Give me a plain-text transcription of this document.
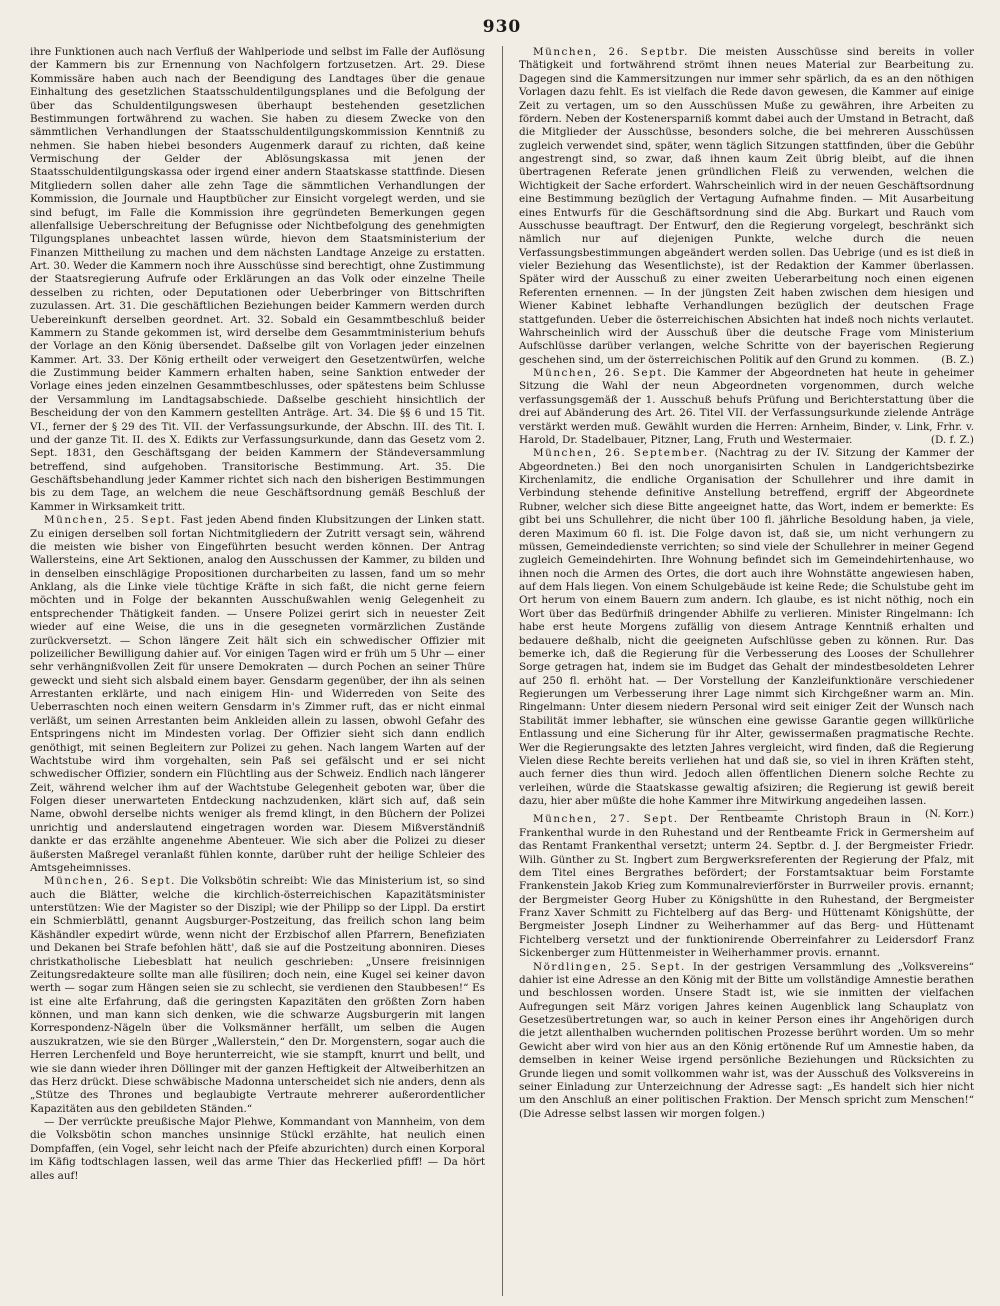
930

ihre Funktionen auch nach Verfluß der Wahlperiode und selbst im Falle der Auflösung der Kammern bis zur Ernennung von Nachfolgern fortzusetzen. Art. 29. Diese Kommissäre haben auch nach der Beendigung des Landtages über die genaue Einhaltung des gesetzlichen Staatsschuldentilgungsplanes und die Befolgung der über das Schuldentilgungswesen überhaupt bestehenden gesetzlichen Bestimmungen fortwährend zu wachen. Sie haben zu diesem Zwecke von den sämmtlichen Verhandlungen der Staatsschuldentilgungskommission Kenntniß zu nehmen. Sie haben hiebei besonders Augenmerk darauf zu richten, daß keine Vermischung der Gelder der Ablösungskassa mit jenen der Staatsschuldentilgungskassa oder irgend einer andern Staatskasse stattfinde. Diesen Mitgliedern sollen daher alle zehn Tage die sämmtlichen Verhandlungen der Kommission, die Journale und Hauptbücher zur Einsicht vorgelegt werden, und sie sind befugt, im Falle die Kommission ihre gegründeten Bemerkungen gegen allenfallsige Ueberschreitung der Befugnisse oder Nichtbefolgung des genehmigten Tilgungsplanes unbeachtet lassen würde, hievon dem Staatsministerium der Finanzen Mittheilung zu machen und dem nächsten Landtage Anzeige zu erstatten. Art. 30. Weder die Kammern noch ihre Ausschüsse sind berechtigt, ohne Zustimmung der Staatsregierung Aufrufe oder Erklärungen an das Volk oder einzelne Theile desselben zu richten, oder Deputationen oder Ueberbringer von Bittschriften zuzulassen. Art. 31. Die geschäftlichen Beziehungen beider Kammern werden durch Uebereinkunft derselben geordnet. Art. 32. Sobald ein Gesammtbeschluß beider Kammern zu Stande gekommen ist, wird derselbe dem Gesammtministerium behufs der Vorlage an den König übersendet. Daßselbe gilt von Vorlagen jeder einzelnen Kammer. Art. 33. Der König ertheilt oder verweigert den Gesetzentwürfen, welche die Zustimmung beider Kammern erhalten haben, seine Sanktion entweder der Vorlage eines jeden einzelnen Gesammtbeschlusses, oder spätestens beim Schlusse der Versammlung im Landtagsabschiede. Daßselbe geschieht hinsichtlich der Bescheidung der von den Kammern gestellten Anträge. Art. 34. Die §§ 6 und 15 Tit. VI., ferner der § 29 des Tit. VII. der Verfassungsurkunde, der Abschn. III. des Tit. I. und der ganze Tit. II. des X. Edikts zur Verfassungsurkunde, dann das Gesetz vom 2. Sept. 1831, den Geschäftsgang der beiden Kammern der Ständeversammlung betreffend, sind aufgehoben. Transitorische Bestimmung. Art. 35. Die Geschäftsbehandlung jeder Kammer richtet sich nach den bisherigen Bestimmungen bis zu dem Tage, an welchem die neue Geschäftsordnung gemäß Beschluß der Kammer in Wirksamkeit tritt.

München, 25. Sept. Fast jeden Abend finden Klubsitzungen der Linken statt. Zu einigen derselben soll fortan Nichtmitgliedern der Zutritt versagt sein, während die meisten wie bisher von Eingeführten besucht werden können. Der Antrag Wallersteins, eine Art Sektionen, analog den Ausschussen der Kammer, zu bilden und in denselben einschlägige Propositionen durcharbeiten zu lassen, fand um so mehr Anklang, als die Linke viele tüchtige Kräfte in sich faßt, die nicht gerne feiern möchten und in Folge der bekannten Ausschußwahlen wenig Gelegenheit zu entsprechender Thätigkeit fanden. — Unsere Polizei gerirt sich in neuester Zeit wieder auf eine Weise, die uns in die gesegneten vormärzlichen Zustände zurückversetzt. — Schon längere Zeit hält sich ein schwedischer Offizier mit polizeilicher Bewilligung dahier auf. Vor einigen Tagen wird er früh um 5 Uhr — einer sehr verhängnißvollen Zeit für unsere Demokraten — durch Pochen an seiner Thüre geweckt und sieht sich alsbald einem bayer. Gensdarm gegenüber, der ihn als seinen Arrestanten erklärte, und nach einigem Hin- und Widerreden von Seite des Ueberraschten noch einen weitern Gensdarm in's Zimmer ruft, das er nicht einmal verläßt, um seinen Arrestanten beim Ankleiden allein zu lassen, obwohl Gefahr des Entspringens nicht im Mindesten vorlag. Der Offizier sieht sich dann endlich genöthigt, mit seinen Begleitern zur Polizei zu gehen. Nach langem Warten auf der Wachtstube wird ihm vorgehalten, sein Paß sei gefälscht und er sei nicht schwedischer Offizier, sondern ein Flüchtling aus der Schweiz. Endlich nach längerer Zeit, während welcher ihm auf der Wachtstube Gelegenheit geboten war, über die Folgen dieser unerwarteten Entdeckung nachzudenken, klärt sich auf, daß sein Name, obwohl derselbe nichts weniger als fremd klingt, in den Büchern der Polizei unrichtig und anderslautend eingetragen worden war. Diesem Mißverständniß dankte er das erzählte angenehme Abenteuer. Wie sich aber die Polizei zu dieser äußersten Maßregel veranlaßt fühlen konnte, darüber ruht der heilige Schleier des Amtsgeheimnisses.

München, 26. Sept. Die Volksbötin schreibt: Wie das Ministerium ist, so sind auch die Blätter, welche die kirchlich-österreichischen Kapazitätsminister unterstützen: Wie der Magister so der Diszipl; wie der Philipp so der Lippl. Da erstirt ein Schmierblättl, genannt Augsburger-Postzeitung, das freilich schon lang beim Käshändler expedirt würde, wenn nicht der Erzbischof allen Pfarrern, Benefiziaten und Dekanen bei Strafe befohlen hätt', daß sie auf die Postzeitung abonniren. Dieses christkatholische Liebesblatt hat neulich geschrieben: „Unsere freisinnigen Zeitungsredakteure sollte man alle füsiliren; doch nein, eine Kugel sei keiner davon werth — sogar zum Hängen seien sie zu schlecht, sie verdienen den Staubbesen!“ Es ist eine alte Erfahrung, daß die geringsten Kapazitäten den größten Zorn haben können, und man kann sich denken, wie die schwarze Augsburgerin mit langen Korrespondenz-Nägeln über die Volksmänner herfällt, um selben die Augen auszukratzen, wie sie den Bürger „Wallerstein,“ den Dr. Morgenstern, sogar auch die Herren Lerchenfeld und Boye herunterreicht, wie sie stampft, knurrt und bellt, und wie sie dann wieder ihren Döllinger mit der ganzen Heftigkeit der Altweiberhitzen an das Herz drückt. Diese schwäbische Madonna unterscheidet sich nie anders, denn als „Stütze des Thrones und beglaubigte Vertraute mehrerer außerordentlicher Kapazitäten aus den gebildeten Ständen.“

— Der verrückte preußische Major Plehwe, Kommandant von Mannheim, von dem die Volksbötin schon manches unsinnige Stückl erzählte, hat neulich einen Dompfaffen, (ein Vogel, sehr leicht nach der Pfeife abzurichten) durch einen Korporal im Käfig todtschlagen lassen, weil das arme Thier das Heckerlied pfiff! — Da hört alles auf!

München, 26. Septbr. Die meisten Ausschüsse sind bereits in voller Thätigkeit und fortwährend strömt ihnen neues Material zur Bearbeitung zu. Dagegen sind die Kammersitzungen nur immer sehr spärlich, da es an den nöthigen Vorlagen dazu fehlt. Es ist vielfach die Rede davon gewesen, die Kammer auf einige Zeit zu vertagen, um so den Ausschüssen Muße zu gewähren, ihre Arbeiten zu fördern. Neben der Kostenersparniß kommt dabei auch der Umstand in Betracht, daß die Mitglieder der Ausschüsse, besonders solche, die bei mehreren Ausschüssen zugleich verwendet sind, später, wenn täglich Sitzungen stattfinden, über die Gebühr angestrengt sind, so zwar, daß ihnen kaum Zeit übrig bleibt, auf die ihnen übertragenen Referate jenen gründlichen Fleiß zu verwenden, welchen die Wichtigkeit der Sache erfordert. Wahrscheinlich wird in der neuen Geschäftsordnung eine Bestimmung bezüglich der Vertagung Aufnahme finden. — Mit Ausarbeitung eines Entwurfs für die Geschäftsordnung sind die Abg. Burkart und Rauch vom Ausschusse beauftragt. Der Entwurf, den die Regierung vorgelegt, beschränkt sich nämlich nur auf diejenigen Punkte, welche durch die neuen Verfassungsbestimmungen abgeändert werden sollen. Das Uebrige (und es ist dieß in vieler Beziehung das Wesentlichste), ist der Redaktion der Kammer überlassen. Später wird der Ausschuß zu einer zweiten Ueberarbeitung noch einen eigenen Referenten ernennen. — In der jüngsten Zeit haben zwischen dem hiesigen und Wiener Kabinet lebhafte Verhandlungen bezüglich der deutschen Frage stattgefunden. Ueber die österreichischen Absichten hat indeß noch nichts verlautet. Wahrscheinlich wird der Ausschuß über die deutsche Frage vom Ministerium Aufschlüsse darüber verlangen, welche Schritte von der bayerischen Regierung geschehen sind, um der österreichischen Politik auf den Grund zu kommen.	(B. Z.)

München, 26. Sept. Die Kammer der Abgeordneten hat heute in geheimer Sitzung die Wahl der neun Abgeordneten vorgenommen, durch welche verfassungsgemäß der 1. Ausschuß behufs Prüfung und Berichterstattung über die drei auf Abänderung des Art. 26. Titel VII. der Verfassungsurkunde zielende Anträge verstärkt werden muß. Gewählt wurden die Herren: Arnheim, Binder, v. Link, Frhr. v. Harold, Dr. Stadelbauer, Pitzner, Lang, Fruth und Westermaier.	(D. f. Z.)

München, 26. September. (Nachtrag zu der IV. Sitzung der Kammer der Abgeordneten.) Bei den noch unorganisirten Schulen in Landgerichtsbezirke Kirchenlamitz, die endliche Organisation der Schullehrer und ihre damit in Verbindung stehende definitive Anstellung betreffend, ergriff der Abgeordnete Rubner, welcher sich diese Bitte angeeignet hatte, das Wort, indem er bemerkte: Es gibt bei uns Schullehrer, die nicht über 100 fl. jährliche Besoldung haben, ja viele, deren Maximum 60 fl. ist. Die Folge davon ist, daß sie, um nicht verhungern zu müssen, Gemeindedienste verrichten; so sind viele der Schullehrer in meiner Gegend zugleich Gemeindehirten. Ihre Wohnung befindet sich im Gemeindehirtenhause, wo ihnen noch die Armen des Ortes, die dort auch ihre Wohnstätte angewiesen haben, auf dem Hals liegen. Von einem Schulgebäude ist keine Rede; die Schulstube geht im Ort herum von einem Bauern zum andern. Ich glaube, es ist nicht nöthig, noch ein Wort über das Bedürfniß dringender Abhilfe zu verlieren. Minister Ringelmann: Ich habe erst heute Morgens zufällig von diesem Antrage Kenntniß erhalten und bedauere deßhalb, nicht die geeigneten Aufschlüsse geben zu können. Rur. Das bemerke ich, daß die Regierung für die Verbesserung des Looses der Schullehrer Sorge getragen hat, indem sie im Budget das Gehalt der mindestbesoldeten Lehrer auf 250 fl. erhöht hat. — Der Vorstellung der Kanzleifunktionäre verschiedener Regierungen um Verbesserung ihrer Lage nimmt sich Kirchgeßner warm an. Min. Ringelmann: Unter diesem niedern Personal wird seit einiger Zeit der Wunsch nach Stabilität immer lebhafter, sie wünschen eine gewisse Garantie gegen willkürliche Entlassung und eine Sicherung für ihr Alter, gewissermaßen pragmatische Rechte. Wer die Regierungsakte des letzten Jahres vergleicht, wird finden, daß die Regierung Vielen diese Rechte bereits verliehen hat und daß sie, so viel in ihren Kräften steht, auch ferner dies thun wird. Jedoch allen öffentlichen Dienern solche Rechte zu verleihen, würde die Staatskasse gewaltig afsiziren; die Regierung ist gewiß bereit dazu, hier aber müßte die hohe Kammer ihre Mitwirkung angedeihen lassen.
(N. Korr.)

München, 27. Sept. Der Rentbeamte Christoph Braun in Frankenthal wurde in den Ruhestand und der Rentbeamte Frick in Germersheim auf das Rentamt Frankenthal versetzt; unterm 24. Septbr. d. J. der Bergmeister Friedr. Wilh. Günther zu St. Ingbert zum Bergwerksreferenten der Regierung der Pfalz, mit dem Titel eines Bergrathes befördert; der Forstamtsaktuar beim Forstamte Frankenstein Jakob Krieg zum Kommunalrevierförster in Burrweiler provis. ernannt; der Bergmeister Georg Huber zu Königshütte in den Ruhestand, der Bergmeister Franz Xaver Schmitt zu Fichtelberg auf das Berg- und Hüttenamt Königshütte, der Bergmeister Joseph Lindner zu Weiherhammer auf das Berg- und Hüttenamt Fichtelberg versetzt und der funktionirende Oberreinfahrer zu Leidersdorf Franz Sickenberger zum Hüttenmeister in Weiherhammer provis. ernannt.

Nördlingen, 25. Sept. In der gestrigen Versammlung des „Volksvereins“ dahier ist eine Adresse an den König mit der Bitte um vollständige Amnestie berathen und beschlossen worden. Unsere Stadt ist, wie sie inmitten der vielfachen Aufregungen seit März vorigen Jahres keinen Augenblick lang Schauplatz von Gesetzesübertretungen war, so auch in keiner Person eines ihr Angehörigen durch die jetzt allenthalben wuchernden politischen Prozesse berührt worden. Um so mehr Gewicht aber wird von hier aus an den König ertönende Ruf um Amnestie haben, da demselben in keiner Weise irgend persönliche Beziehungen und Rücksichten zu Grunde liegen und somit vollkommen wahr ist, was der Ausschuß des Volksvereins in seiner Einladung zur Unterzeichnung der Adresse sagt: „Es handelt sich hier nicht um den Anschluß an einer politischen Fraktion. Der Mensch spricht zum Menschen!“ (Die Adresse selbst lassen wir morgen folgen.)
